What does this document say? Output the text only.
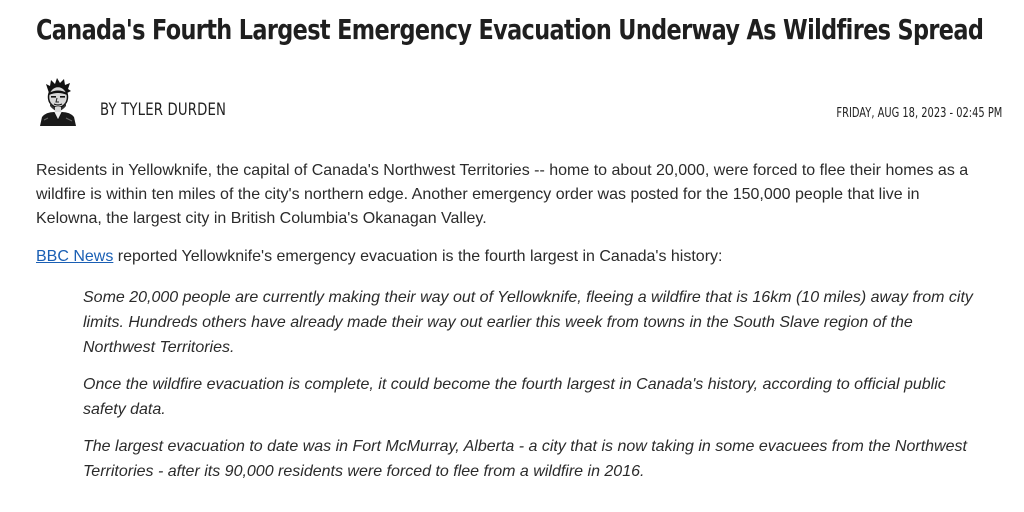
Canada's Fourth Largest Emergency Evacuation Underway As Wildfires Spread
BY TYLER DURDEN	FRIDAY, AUG 18, 2023 - 02:45 PM

Residents in Yellowknife, the capital of Canada's Northwest Territories -- home to about 20,000, were forced to flee their homes as a wildfire is within ten miles of the city's northern edge. Another emergency order was posted for the 150,000 people that live in Kelowna, the largest city in British Columbia's Okanagan Valley.

BBC News reported Yellowknife's emergency evacuation is the fourth largest in Canada's history:

Some 20,000 people are currently making their way out of Yellowknife, fleeing a wildfire that is 16km (10 miles) away from city limits. Hundreds others have already made their way out earlier this week from towns in the South Slave region of the Northwest Territories.

Once the wildfire evacuation is complete, it could become the fourth largest in Canada's history, according to official public safety data.

The largest evacuation to date was in Fort McMurray, Alberta - a city that is now taking in some evacuees from the Northwest Territories - after its 90,000 residents were forced to flee from a wildfire in 2016.
